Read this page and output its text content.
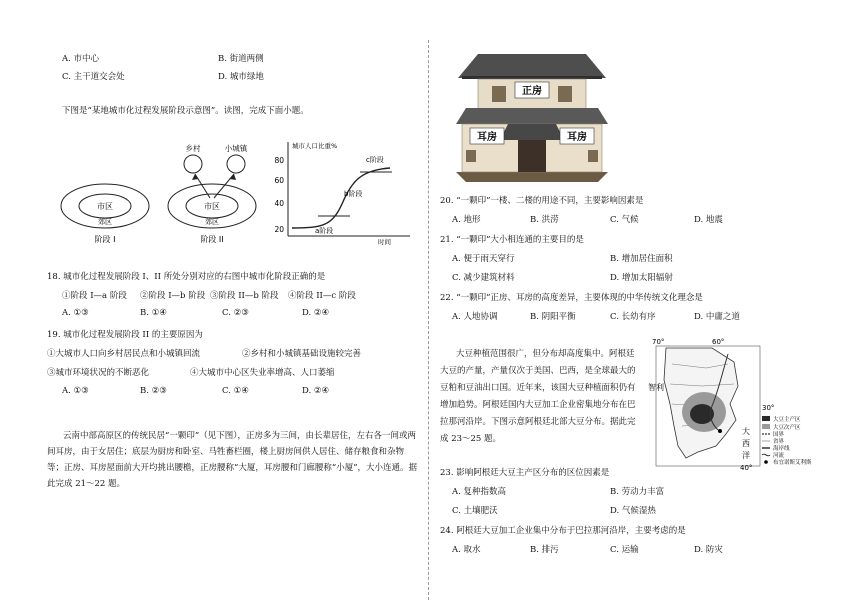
A. 市中心	B. 街道两侧
C. 主干道交会处	D. 城市绿地
下图是“某地城市化过程发展阶段示意图”。读图，完成下面小题。
市区
郊区
阶段 I
乡村	小城镇
市区
郊区
阶段 II
城市人口比重%
80
60
40
20	a阶段
b阶段
c阶段
时间
18. 城市化过程发展阶段 I、II 所处分别对应的右图中城市化阶段正确的是
①阶段 I—a 阶段 ②阶段 I—b 阶段 ③阶段 II—b 阶段 ④阶段 II—c 阶段
A. ①③	B. ①④	C. ②③	D. ②④
19. 城市化过程发展阶段 II 的主要原因为
①大城市人口向乡村居民点和小城镇回流	②乡村和小城镇基础设施较完善
③城市环境状况的不断恶化	④大城市中心区失业率增高、人口萎缩
A. ①③	B. ②③	C. ①④	D. ②④
云南中部高原区的传统民居“一颗印”（见下图），正房多为三间，由长辈居住，左右各一间或两间耳房，由于女居住；底层为厨房和卧室、马牲畜栏圈，楼上厨房间供人居住、储存粮食和杂物等；正房、耳房屋面前大开均挑出腰檐，正房腰称“大厦，耳房腰和门廊腰称“小厦”，大小连通。据此完成 21～22 题。
正房
耳房	耳房
20. “一颗印”一楼、二楼的用途不同，主要影响因素是
A. 地形	B. 洪涝	C. 气候	D. 地震
21. “一颗印”大小相连通的主要目的是
A. 便于雨天穿行	B. 增加居住面积
C. 减少建筑材料	D. 增加太阳辐射
22. “一颗印”正房、耳房的高度差异，主要体现的中华传统文化理念是
A. 人地协调	B. 阴阳平衡	C. 长幼有序	D. 中庸之道
大豆种植范围很广，但分布却高度集中。阿根廷大豆的产量，产量仅次于美国、巴西，是全球最大的豆粕和豆油出口国。近年来，该国大豆种植面积仍有增加趋势。阿根廷国内大豆加工企业密集地分布在巴拉那河沿岸。下图示意阿根廷北部大豆分布。据此完成 23～25 题。
70°	60°
智利
大
西
洋
30°
40°
大豆主产区
大豆次产区
国界
省界
海岸线
河流
布宜诺斯艾利斯
23. 影响阿根廷大豆主产区分布的区位因素是
A. 复种指数高	B. 劳动力丰富
C. 土壤肥沃	D. 气候湿热
24. 阿根廷大豆加工企业集中分布于巴拉那河沿岸，主要考虑的是
A. 取水	B. 排污	C. 运输	D. 防灾
